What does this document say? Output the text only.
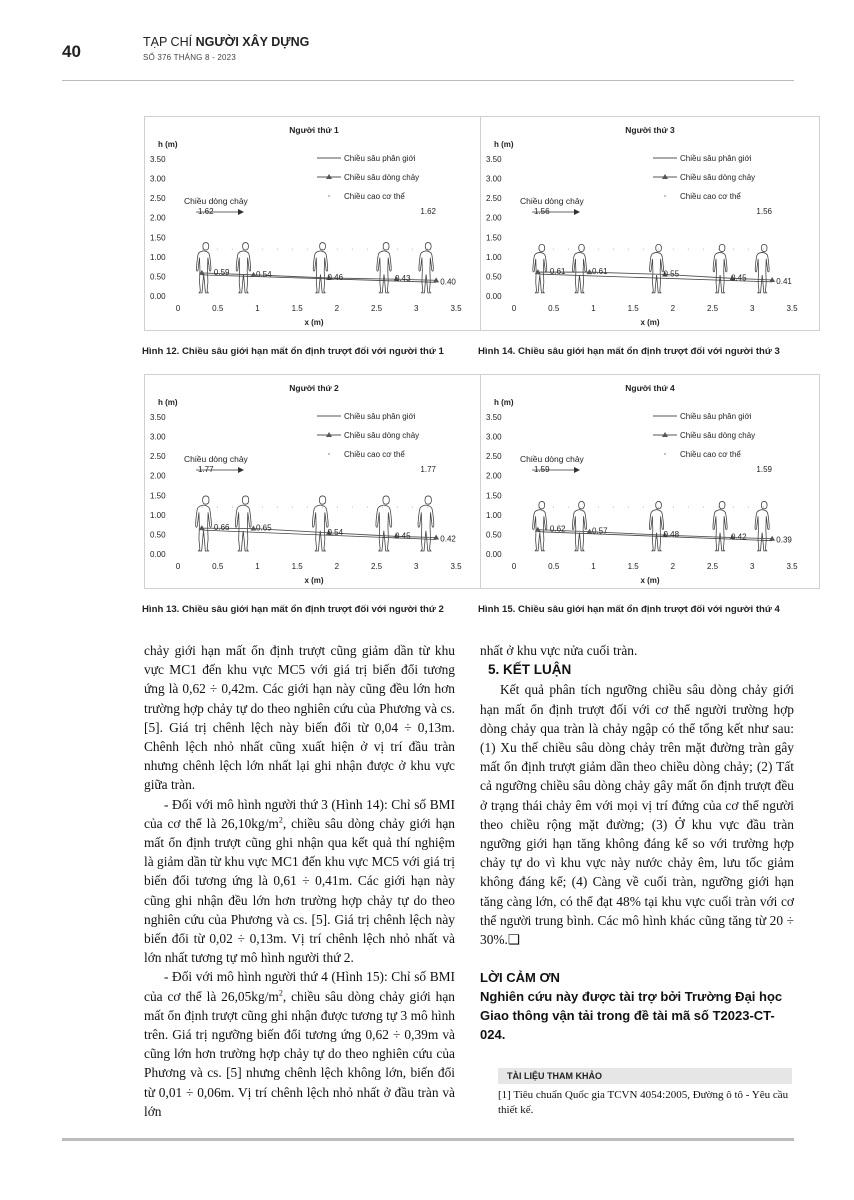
40	TẠP CHÍ NGƯỜI XÂY DỰNG
SỐ 376 THÁNG 8 - 2023
Người thứ 1
h (m)
3.50
3.00
2.50
2.00
1.50
1.00
0.50
0.00
0	0.5	1	1.5	2	2.5	3	3.5
x (m)
Chiều sâu phân giới
Chiều sâu dòng chảy
Chiều cao cơ thể
Chiều dòng chảy
1.62	1.62
0.59	0.54	0.46	0.43	0.40
Người thứ 3
h (m)
3.50
3.00
2.50
2.00
1.50
1.00
0.50
0.00
0	0.5	1	1.5	2	2.5	3	3.5
x (m)
Chiều sâu phân giới
Chiều sâu dòng chảy
Chiều cao cơ thể
Chiều dòng chảy
1.56	1.56
0.61	0.61	0.55	0.45	0.41
Người thứ 2
h (m)
3.50
3.00
2.50
2.00
1.50
1.00
0.50
0.00
0	0.5	1	1.5	2	2.5	3	3.5
x (m)
Chiều sâu phân giới
Chiều sâu dòng chảy
Chiều cao cơ thể
Chiều dòng chảy
1.77	1.77
0.66	0.65	0.54	0.45	0.42
Người thứ 4
h (m)
3.50
3.00
2.50
2.00
1.50
1.00
0.50
0.00
0	0.5	1	1.5	2	2.5	3	3.5
x (m)
Chiều sâu phân giới
Chiều sâu dòng chảy
Chiều cao cơ thể
Chiều dòng chảy
1.59	1.59
0.62	0.57	0.48	0.42	0.39
Hình 12. Chiều sâu giới hạn mất ổn định trượt đối với người thứ 1	Hình 14. Chiều sâu giới hạn mất ổn định trượt đối với người thứ 3
Hình 13. Chiều sâu giới hạn mất ổn định trượt đối với người thứ 2	Hình 15. Chiều sâu giới hạn mất ổn định trượt đối với người thứ 4

chảy giới hạn mất ổn định trượt cũng giảm dần từ khu vực MC1 đến khu vực MC5 với giá trị biến đổi tương ứng là 0,62 ÷ 0,42m. Các giới hạn này cũng đều lớn hơn trường hợp chảy tự do theo nghiên cứu của Phương và cs. [5]. Giá trị chênh lệch này biến đổi từ 0,04 ÷ 0,13m. Chênh lệch nhỏ nhất cũng xuất hiện ở vị trí đầu tràn nhưng chênh lệch lớn nhất lại ghi nhận được ở khu vực giữa tràn.

- Đối với mô hình người thứ 3 (Hình 14): Chỉ số BMI của cơ thể là $26,10kg/m^2$, chiều sâu dòng chảy giới hạn mất ổn định trượt cũng ghi nhận qua kết quả thí nghiệm là giảm dần từ khu vực MC1 đến khu vực MC5 với giá trị biến đổi tương ứng là 0,61 ÷ 0,41m. Các giới hạn này cũng ghi nhận đều lớn hơn trường hợp chảy tự do theo nghiên cứu của Phương và cs. [5]. Giá trị chênh lệch này biến đổi từ 0,02 ÷ 0,13m. Vị trí chênh lệch nhỏ nhất và lớn nhất tương tự mô hình người thứ 2.

- Đối với mô hình người thứ 4 (Hình 15): Chỉ số BMI của cơ thể là $26,05kg/m^2$, chiều sâu dòng chảy giới hạn mất ổn định trượt cũng ghi nhận được tương tự 3 mô hình trên. Giá trị ngưỡng biến đổi tương ứng 0,62 ÷ 0,39m và cũng lớn hơn trường hợp chảy tự do theo nghiên cứu của Phương và cs. [5] nhưng chênh lệch không lớn, biến đổi từ 0,01 ÷ 0,06m. Vị trí chênh lệch nhỏ nhất ở đầu tràn và lớn

nhất ở khu vực nửa cuối tràn.

5. KẾT LUẬN

Kết quả phân tích ngưỡng chiều sâu dòng chảy giới hạn mất ổn định trượt đối với cơ thể người trường hợp dòng chảy qua tràn là chảy ngập có thể tổng kết như sau: (1) Xu thế chiều sâu dòng chảy trên mặt đường tràn gây mất ổn định trượt giảm dần theo chiều dòng chảy; (2) Tất cả ngưỡng chiều sâu dòng chảy gây mất ổn định trượt đều ở trạng thái chảy êm với mọi vị trí đứng của cơ thể người theo chiều rộng mặt đường; (3) Ở khu vực đầu tràn ngưỡng giới hạn tăng không đáng kể so với trường hợp chảy tự do vì khu vực này nước chảy êm, lưu tốc giảm không đáng kể; (4) Càng về cuối tràn, ngưỡng giới hạn tăng càng lớn, có thể đạt 48% tại khu vực cuối tràn với cơ thể người trung bình. Các mô hình khác cũng tăng từ 20 ÷ 30%.❑

LỜI CẢM ƠN
Nghiên cứu này được tài trợ bởi Trường Đại học Giao thông vận tải trong đề tài mã số T2023-CT-024.
TÀI LIỆU THAM KHẢO
[1] Tiêu chuẩn Quốc gia TCVN 4054:2005, Đường ô tô - Yêu cầu thiết kế.
